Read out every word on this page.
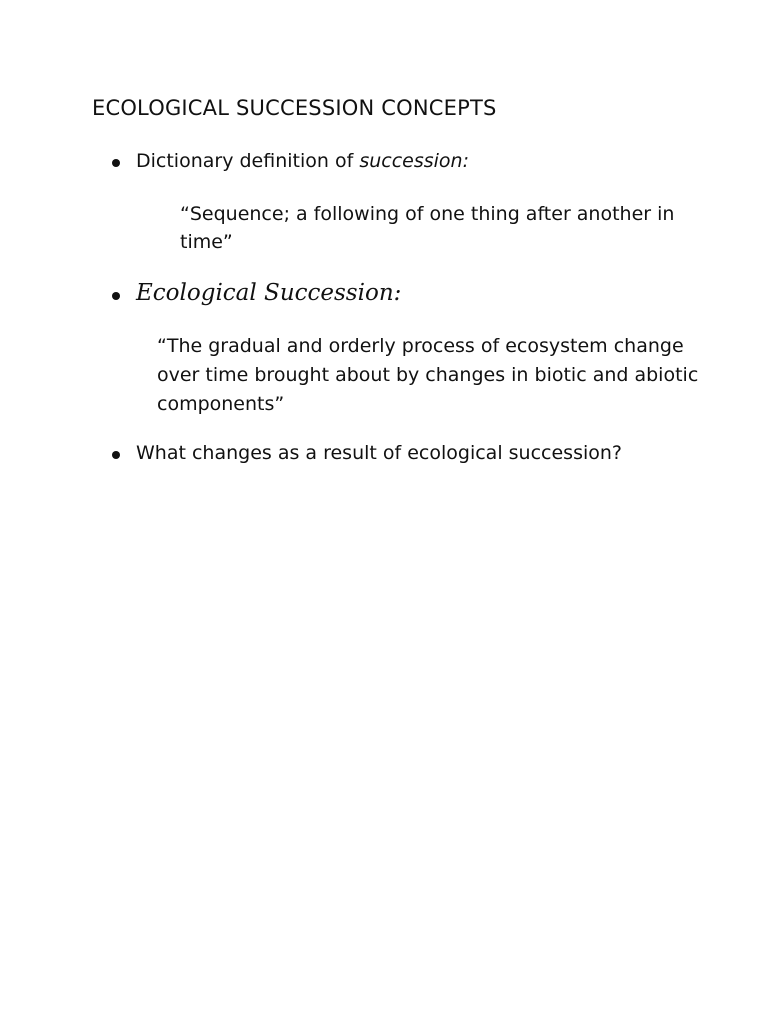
ECOLOGICAL SUCCESSION CONCEPTS
Dictionary definition of succession:
“Sequence; a following of one thing after another in time”
Ecological Succession:
“The gradual and orderly process of ecosystem change over time brought about by changes in biotic and abiotic components”
What changes as a result of ecological succession?
